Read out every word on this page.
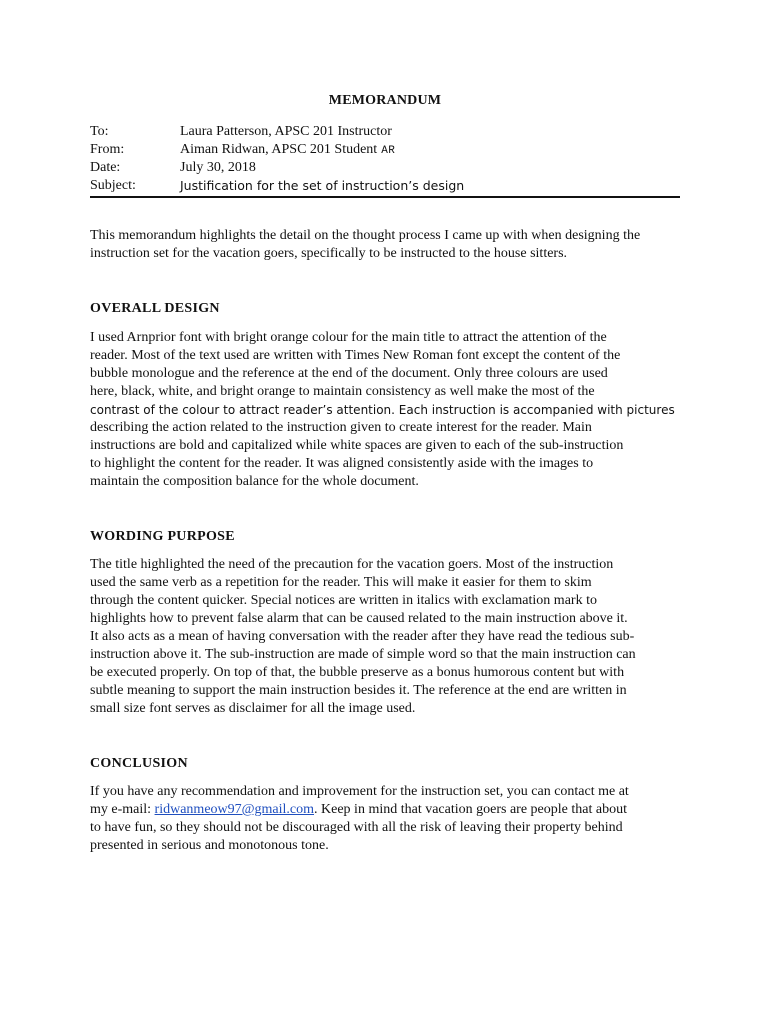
MEMORANDUM
To:	Laura Patterson, APSC 201 Instructor
From:	Aiman Ridwan, APSC 201 Student AR
Date:	July 30, 2018
Subject:	Justification for the set of instruction’s design

This memorandum highlights the detail on the thought process I came up with when designing the
instruction set for the vacation goers, specifically to be instructed to the house sitters.

OVERALL DESIGN

I used Arnprior font with bright orange colour for the main title to attract the attention of the
reader. Most of the text used are written with Times New Roman font except the content of the
bubble monologue and the reference at the end of the document. Only three colours are used
here, black, white, and bright orange to maintain consistency as well make the most of the
contrast of the colour to attract reader’s attention. Each instruction is accompanied with pictures
describing the action related to the instruction given to create interest for the reader. Main
instructions are bold and capitalized while white spaces are given to each of the sub-instruction
to highlight the content for the reader. It was aligned consistently aside with the images to
maintain the composition balance for the whole document.

WORDING PURPOSE

The title highlighted the need of the precaution for the vacation goers. Most of the instruction
used the same verb as a repetition for the reader. This will make it easier for them to skim
through the content quicker. Special notices are written in italics with exclamation mark to
highlights how to prevent false alarm that can be caused related to the main instruction above it.
It also acts as a mean of having conversation with the reader after they have read the tedious sub-
instruction above it. The sub-instruction are made of simple word so that the main instruction can
be executed properly. On top of that, the bubble preserve as a bonus humorous content but with
subtle meaning to support the main instruction besides it. The reference at the end are written in
small size font serves as disclaimer for all the image used.

CONCLUSION

If you have any recommendation and improvement for the instruction set, you can contact me at
my e-mail: ridwanmeow97@gmail.com. Keep in mind that vacation goers are people that about
to have fun, so they should not be discouraged with all the risk of leaving their property behind
presented in serious and monotonous tone.
